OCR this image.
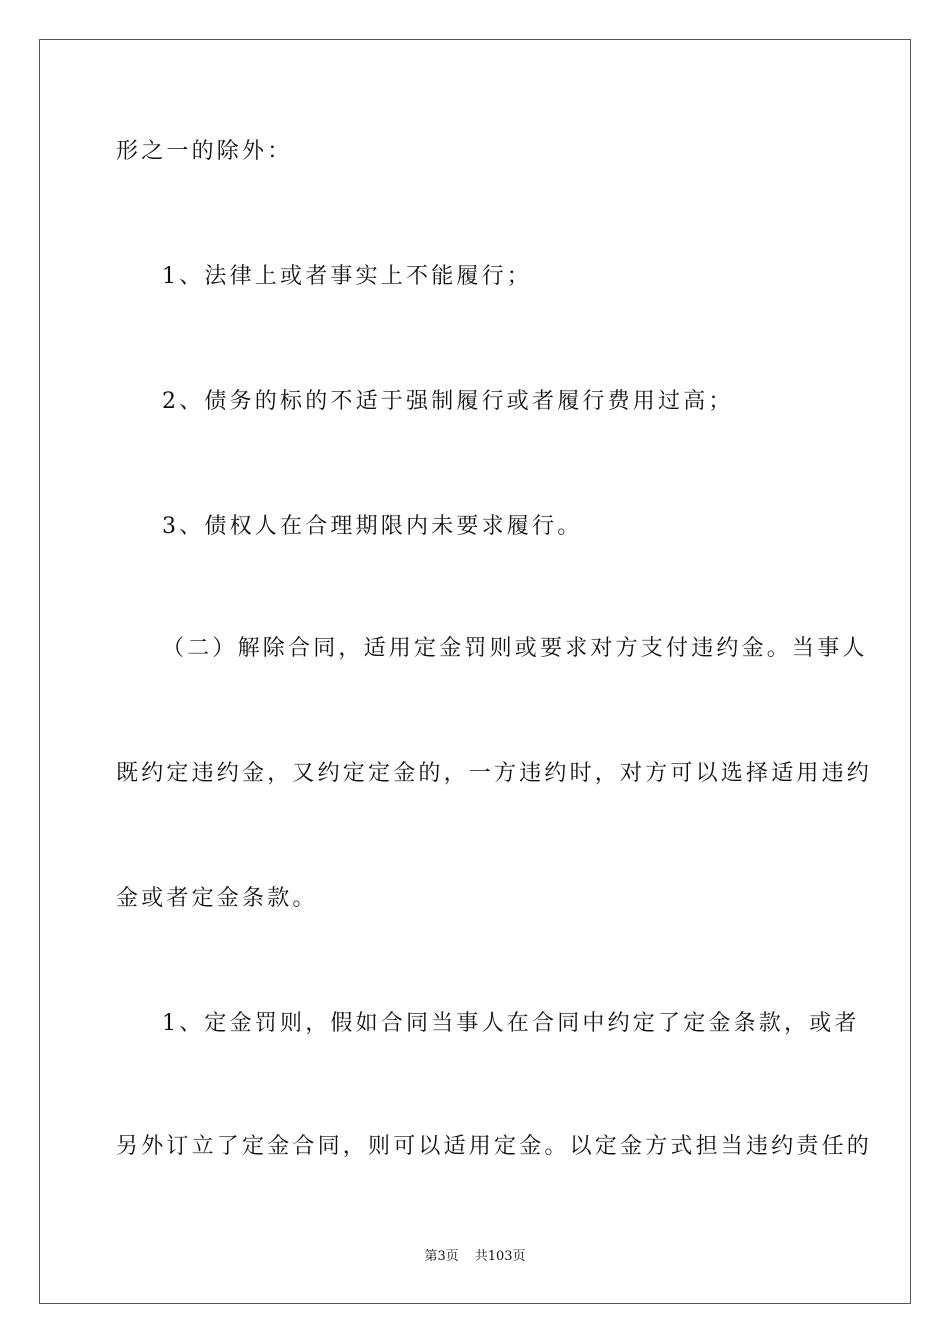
形之一的除外：
1、法律上或者事实上不能履行；
2、债务的标的不适于强制履行或者履行费用过高；
3、债权人在合理期限内未要求履行。
（二）解除合同，适用定金罚则或要求对方支付违约金。当事人
既约定违约金，又约定定金的，一方违约时，对方可以选择适用违约
金或者定金条款。
1、定金罚则，假如合同当事人在合同中约定了定金条款，或者
另外订立了定金合同，则可以适用定金。以定金方式担当违约责任的
第3页 共103页
